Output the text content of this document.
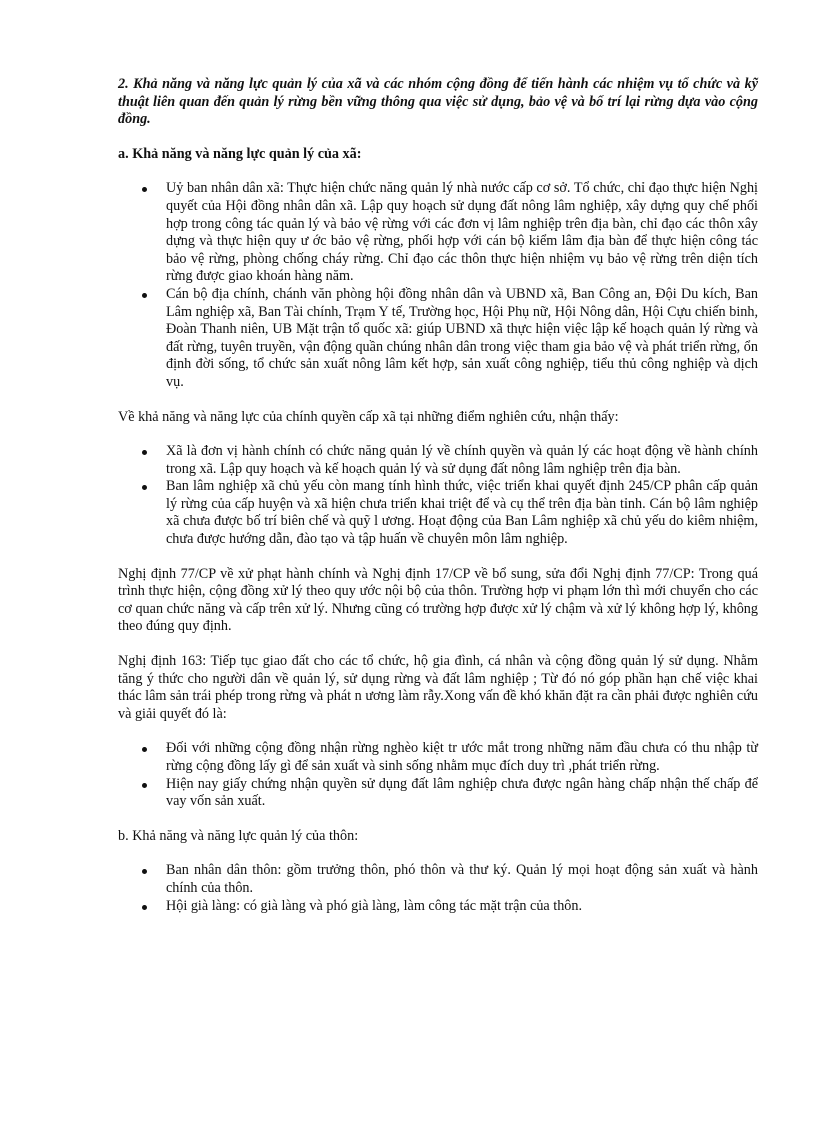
2. Khả năng và năng lực quản lý của xã và các nhóm cộng đồng để tiến hành các nhiệm vụ tổ chức và kỹ thuật liên quan đến quản lý rừng bền vững thông qua việc sử dụng, bảo vệ và bố trí lại rừng dựa vào cộng đồng.

a. Khả năng và năng lực quản lý của xã:

Uỷ ban nhân dân xã: Thực hiện chức năng quản lý nhà nước cấp cơ sở. Tổ chức, chỉ đạo thực hiện Nghị quyết của Hội đồng nhân dân xã. Lập quy hoạch sử dụng đất nông lâm nghiệp, xây dựng quy chế phối hợp trong công tác quản lý và bảo vệ rừng với các đơn vị lâm nghiệp trên địa bàn, chỉ đạo các thôn xây dựng và thực hiện quy ư ớc bảo vệ rừng, phối hợp với cán bộ kiểm lâm địa bàn để thực hiện công tác bảo vệ rừng, phòng chống cháy rừng. Chỉ đạo các thôn thực hiện nhiệm vụ bảo vệ rừng trên diện tích rừng được giao khoán hàng năm.
Cán bộ địa chính, chánh văn phòng hội đồng nhân dân và UBND xã, Ban Công an, Đội Du kích, Ban Lâm nghiệp xã, Ban Tài chính, Trạm Y tế, Trường học, Hội Phụ nữ, Hội Nông dân, Hội Cựu chiến binh, Đoàn Thanh niên, UB Mặt trận tổ quốc xã: giúp UBND xã thực hiện việc lập kế hoạch quản lý rừng và đất rừng, tuyên truyền, vận động quần chúng nhân dân trong việc tham gia bảo vệ và phát triển rừng, ổn định đời sống, tổ chức sản xuất nông lâm kết hợp, sản xuất công nghiệp, tiểu thủ công nghiệp và dịch vụ.

Về khả năng và năng lực của chính quyền cấp xã tại những điểm nghiên cứu, nhận thấy:

Xã là đơn vị hành chính có chức năng quản lý về chính quyền và quản lý các hoạt động về hành chính trong xã. Lập quy hoạch và kế hoạch quản lý và sử dụng đất nông lâm nghiệp trên địa bàn.
Ban lâm nghiệp xã chủ yếu còn mang tính hình thức, việc triển khai quyết định 245/CP phân cấp quản lý rừng của cấp huyện và xã hiện chưa triển khai triệt để và cụ thể trên địa bàn tỉnh. Cán bộ lâm nghiệp xã chưa được bố trí biên chế và quỹ l ương. Hoạt động của Ban Lâm nghiệp xã chủ yếu do kiêm nhiệm, chưa được hướng dẫn, đào tạo và tập huấn về chuyên môn lâm nghiệp.

Nghị định 77/CP về xử phạt hành chính và Nghị định 17/CP về bổ sung, sửa đổi Nghị định 77/CP: Trong quá trình thực hiện, cộng đồng xử lý theo quy ước nội bộ của thôn. Trường hợp vi phạm lớn thì mới chuyển cho các cơ quan chức năng và cấp trên xử lý. Nhưng cũng có trường hợp được xử lý chậm và xử lý không hợp lý, không theo đúng quy định.

Nghị định 163: Tiếp tục giao đất cho các tổ chức, hộ gia đình, cá nhân và cộng đồng quản lý sử dụng. Nhằm tăng ý thức cho người dân về quản lý, sử dụng rừng và đất lâm nghiệp ; Từ đó nó góp phần hạn chế việc khai thác lâm sản trái phép trong rừng và phát n ương làm rẫy.Xong vấn đề khó khăn đặt ra cần phải được nghiên cứu và giải quyết đó là:

Đối với những cộng đồng nhận rừng nghèo kiệt tr ước mắt trong những năm đầu chưa có thu nhập từ rừng cộng đồng lấy gì để sản xuất và sinh sống nhằm mục đích duy trì ,phát triển rừng.
Hiện nay giấy chứng nhận quyền sử dụng đất lâm nghiệp chưa được ngân hàng chấp nhận thế chấp để vay vốn sản xuất.

b. Khả năng và năng lực quản lý của thôn:

Ban nhân dân thôn: gồm trưởng thôn, phó thôn và thư ký. Quản lý mọi hoạt động sản xuất và hành chính của thôn.
Hội già làng: có già làng và phó già làng, làm công tác mặt trận của thôn.
